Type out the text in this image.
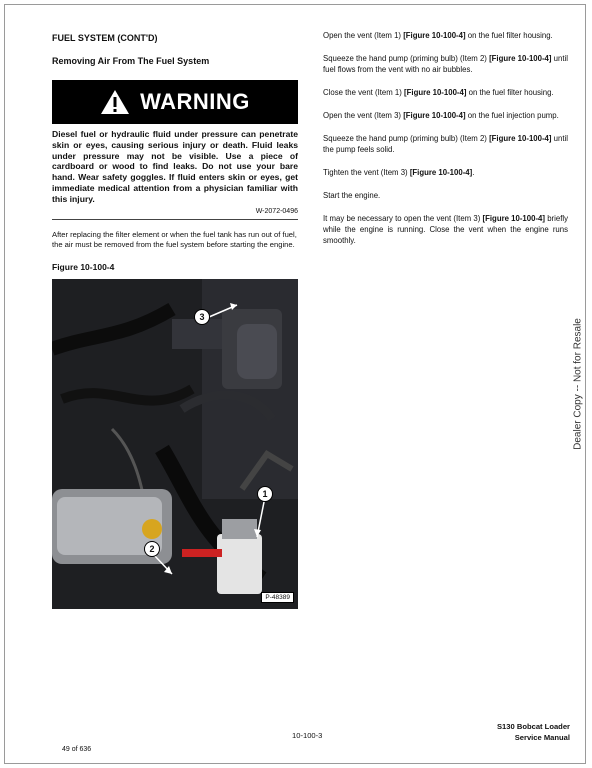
FUEL SYSTEM (CONT'D)
Removing Air From The Fuel System
WARNING
Diesel fuel or hydraulic fluid under pressure can penetrate skin or eyes, causing serious injury or death. Fluid leaks under pressure may not be visible. Use a piece of cardboard or wood to find leaks. Do not use your bare hand. Wear safety goggles. If fluid enters skin or eyes, get immediate medical attention from a physician familiar with this injury.
W-2072-0496
After replacing the filter element or when the fuel tank has run out of fuel, the air must be removed from the fuel system before starting the engine.
Figure 10-100-4
3
1
2
P-48389
Open the vent (Item 1) [Figure 10-100-4] on the fuel filter housing.
Squeeze the hand pump (priming bulb) (Item 2) [Figure 10-100-4] until fuel flows from the vent with no air bubbles.
Close the vent (Item 1) [Figure 10-100-4] on the fuel filter housing.
Open the vent (Item 3) [Figure 10-100-4] on the fuel injection pump.
Squeeze the hand pump (priming bulb) (Item 2) [Figure 10-100-4] until the pump feels solid.
Tighten the vent (Item 3) [Figure 10-100-4].
Start the engine.
It may be necessary to open the vent (Item 3) [Figure 10-100-4] briefly while the engine is running. Close the vent when the engine runs smoothly.
Dealer Copy -- Not for Resale
49 of 636
10-100-3
S130 Bobcat Loader
Service Manual
